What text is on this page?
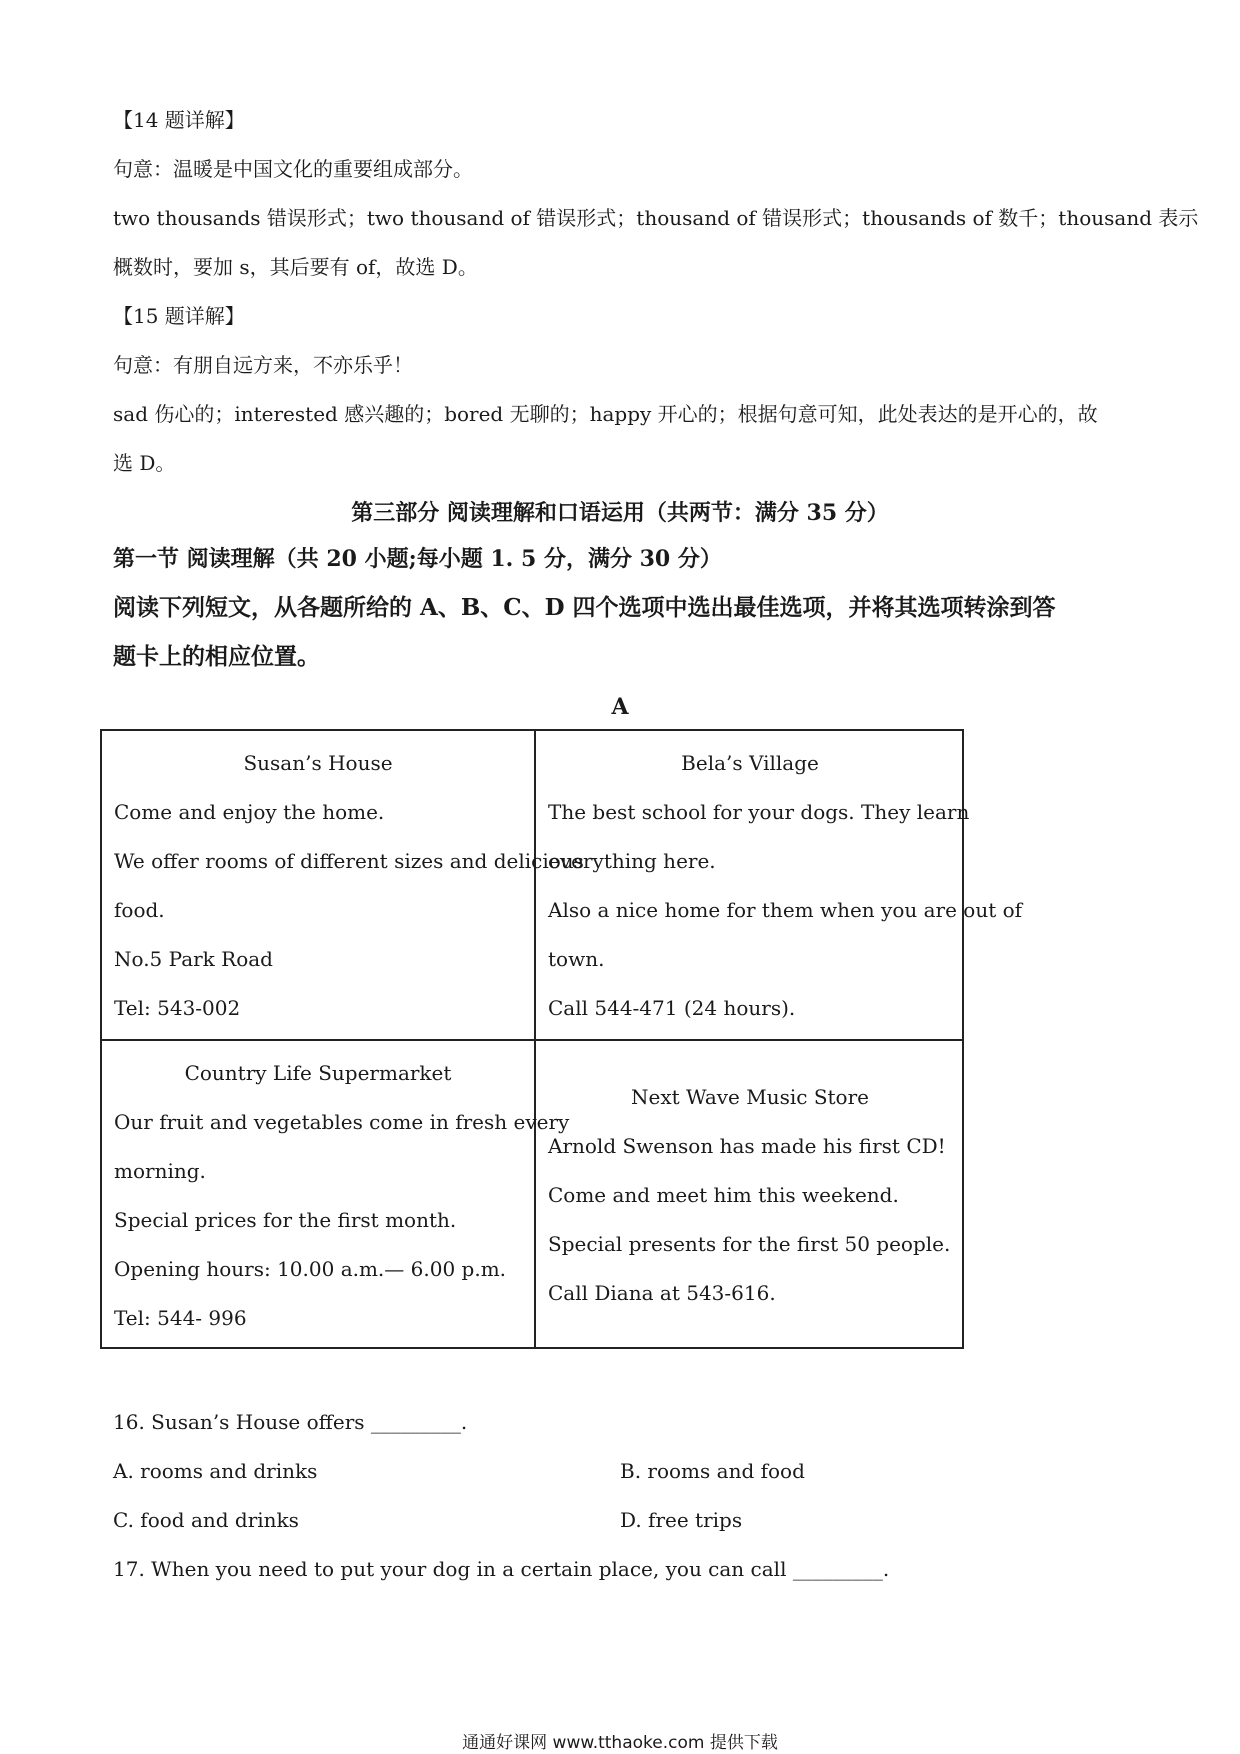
【14 题详解】
句意：温暖是中国文化的重要组成部分。
two thousands 错误形式；two thousand of 错误形式；thousand of 错误形式；thousands of 数千；thousand 表示
概数时，要加 s，其后要有 of，故选 D。
【15 题详解】
句意：有朋自远方来，不亦乐乎！
sad 伤心的；interested 感兴趣的；bored 无聊的；happy 开心的；根据句意可知，此处表达的是开心的，故
选 D。
第三部分 阅读理解和口语运用（共两节：满分 35 分）
第一节 阅读理解（共 20 小题;每小题 1. 5 分，满分 30 分）
阅读下列短文，从各题所给的 A、B、C、D 四个选项中选出最佳选项，并将其选项转涂到答
题卡上的相应位置。
A
Susan’s House
Come and enjoy the home.
We offer rooms of different sizes and delicious
food.
No.5 Park Road
Tel: 543-002
Bela’s Village
The best school for your dogs. They learn
everything here.
Also a nice home for them when you are out of
town.
Call 544-471 (24 hours).
Country Life Supermarket
Our fruit and vegetables come in fresh every
morning.
Special prices for the first month.
Opening hours: 10.00 a.m.— 6.00 p.m.
Tel: 544- 996
Next Wave Music Store
Arnold Swenson has made his first CD!
Come and meet him this weekend.
Special presents for the first 50 people.
Call Diana at 543-616.
16. Susan’s House offers _________.
A. rooms and drinks	B. rooms and food
C. food and drinks	D. free trips
17. When you need to put your dog in a certain place, you can call _________.
通通好课网 www.tthaoke.com 提供下载
